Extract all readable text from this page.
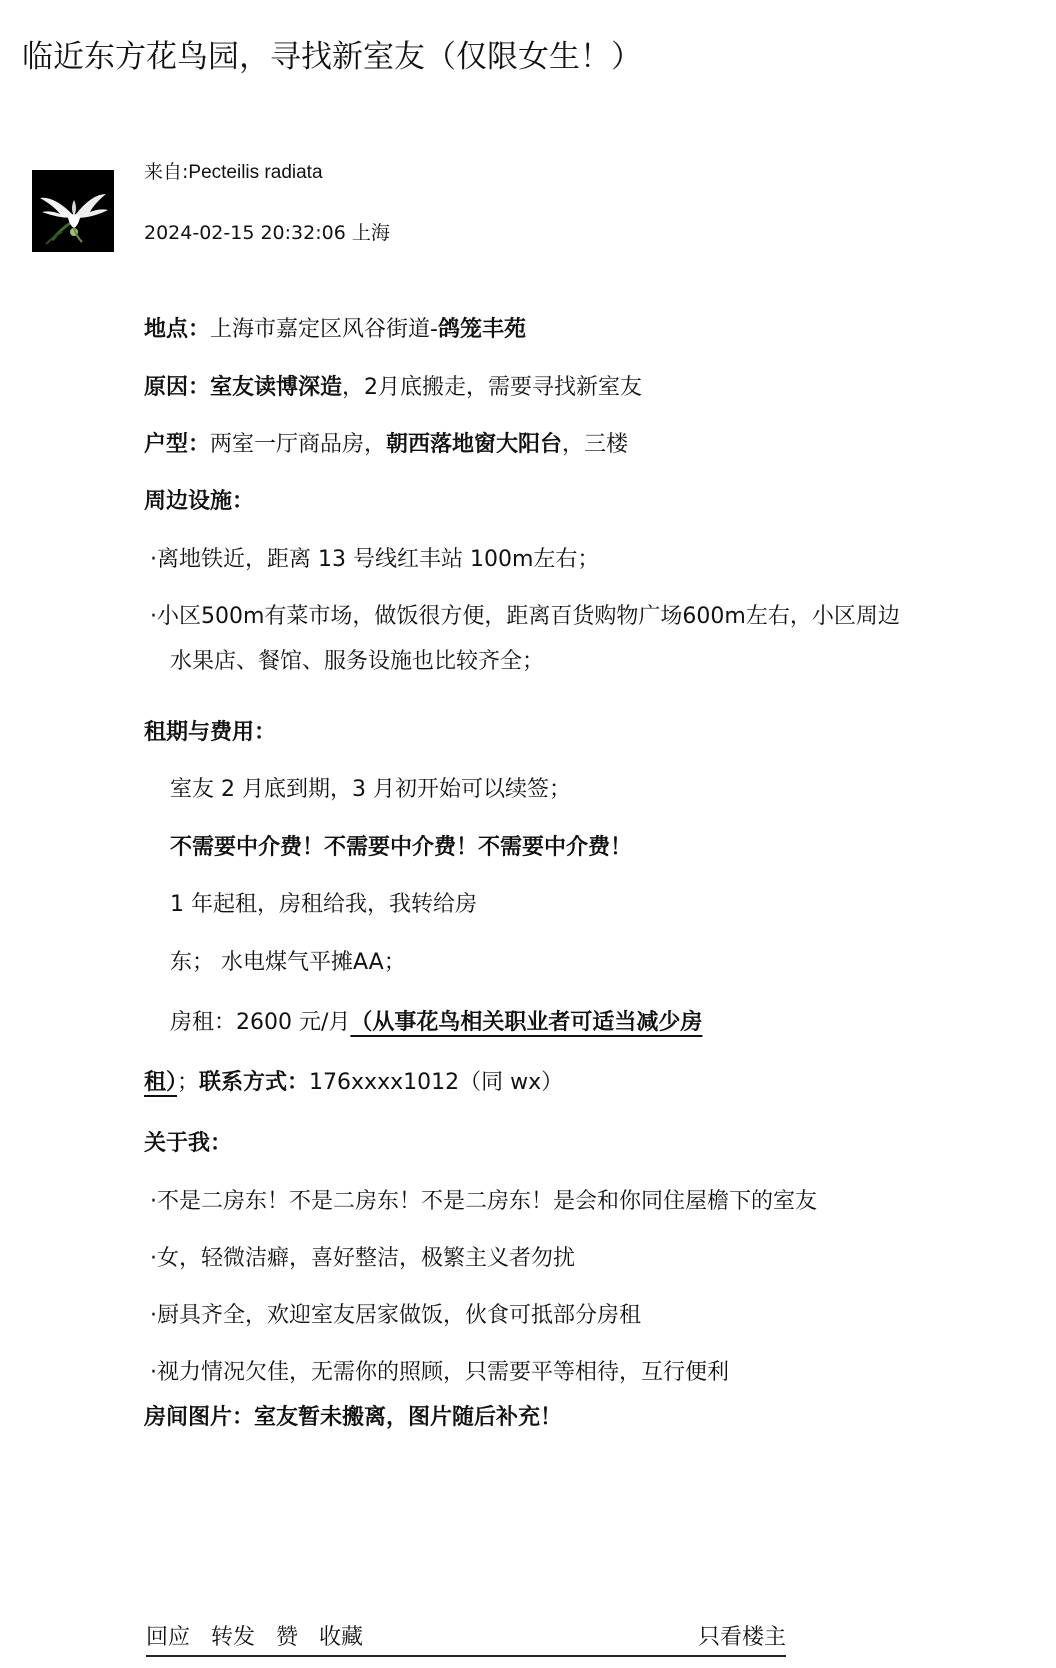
临近东方花鸟园，寻找新室友（仅限女生！）
来自:Pecteilis radiata
2024-02-15 20:32:06 上海
地点：上海市嘉定区风谷街道-鸽笼丰苑
原因：室友读博深造，2月底搬走，需要寻找新室友
户型：两室一厅商品房，朝西落地窗大阳台，三楼
周边设施：
·离地铁近，距离 13 号线红丰站 100m左右；
·小区500m有菜市场，做饭很方便，距离百货购物广场600m左右，小区周边
水果店、餐馆、服务设施也比较齐全；
租期与费用：
室友 2 月底到期，3 月初开始可以续签；
不需要中介费！不需要中介费！不需要中介费！
1 年起租，房租给我，我转给房
东； 水电煤气平摊AA；
房租：2600 元/月（从事花鸟相关职业者可适当减少房
租）；联系方式：176xxxx1012（同 wx）
关于我：
·不是二房东！不是二房东！不是二房东！是会和你同住屋檐下的室友
·女，轻微洁癖，喜好整洁，极繁主义者勿扰
·厨具齐全，欢迎室友居家做饭，伙食可抵部分房租
·视力情况欠佳，无需你的照顾，只需要平等相待，互行便利
房间图片：室友暂未搬离，图片随后补充！
回应 转发 赞 收藏	只看楼主
